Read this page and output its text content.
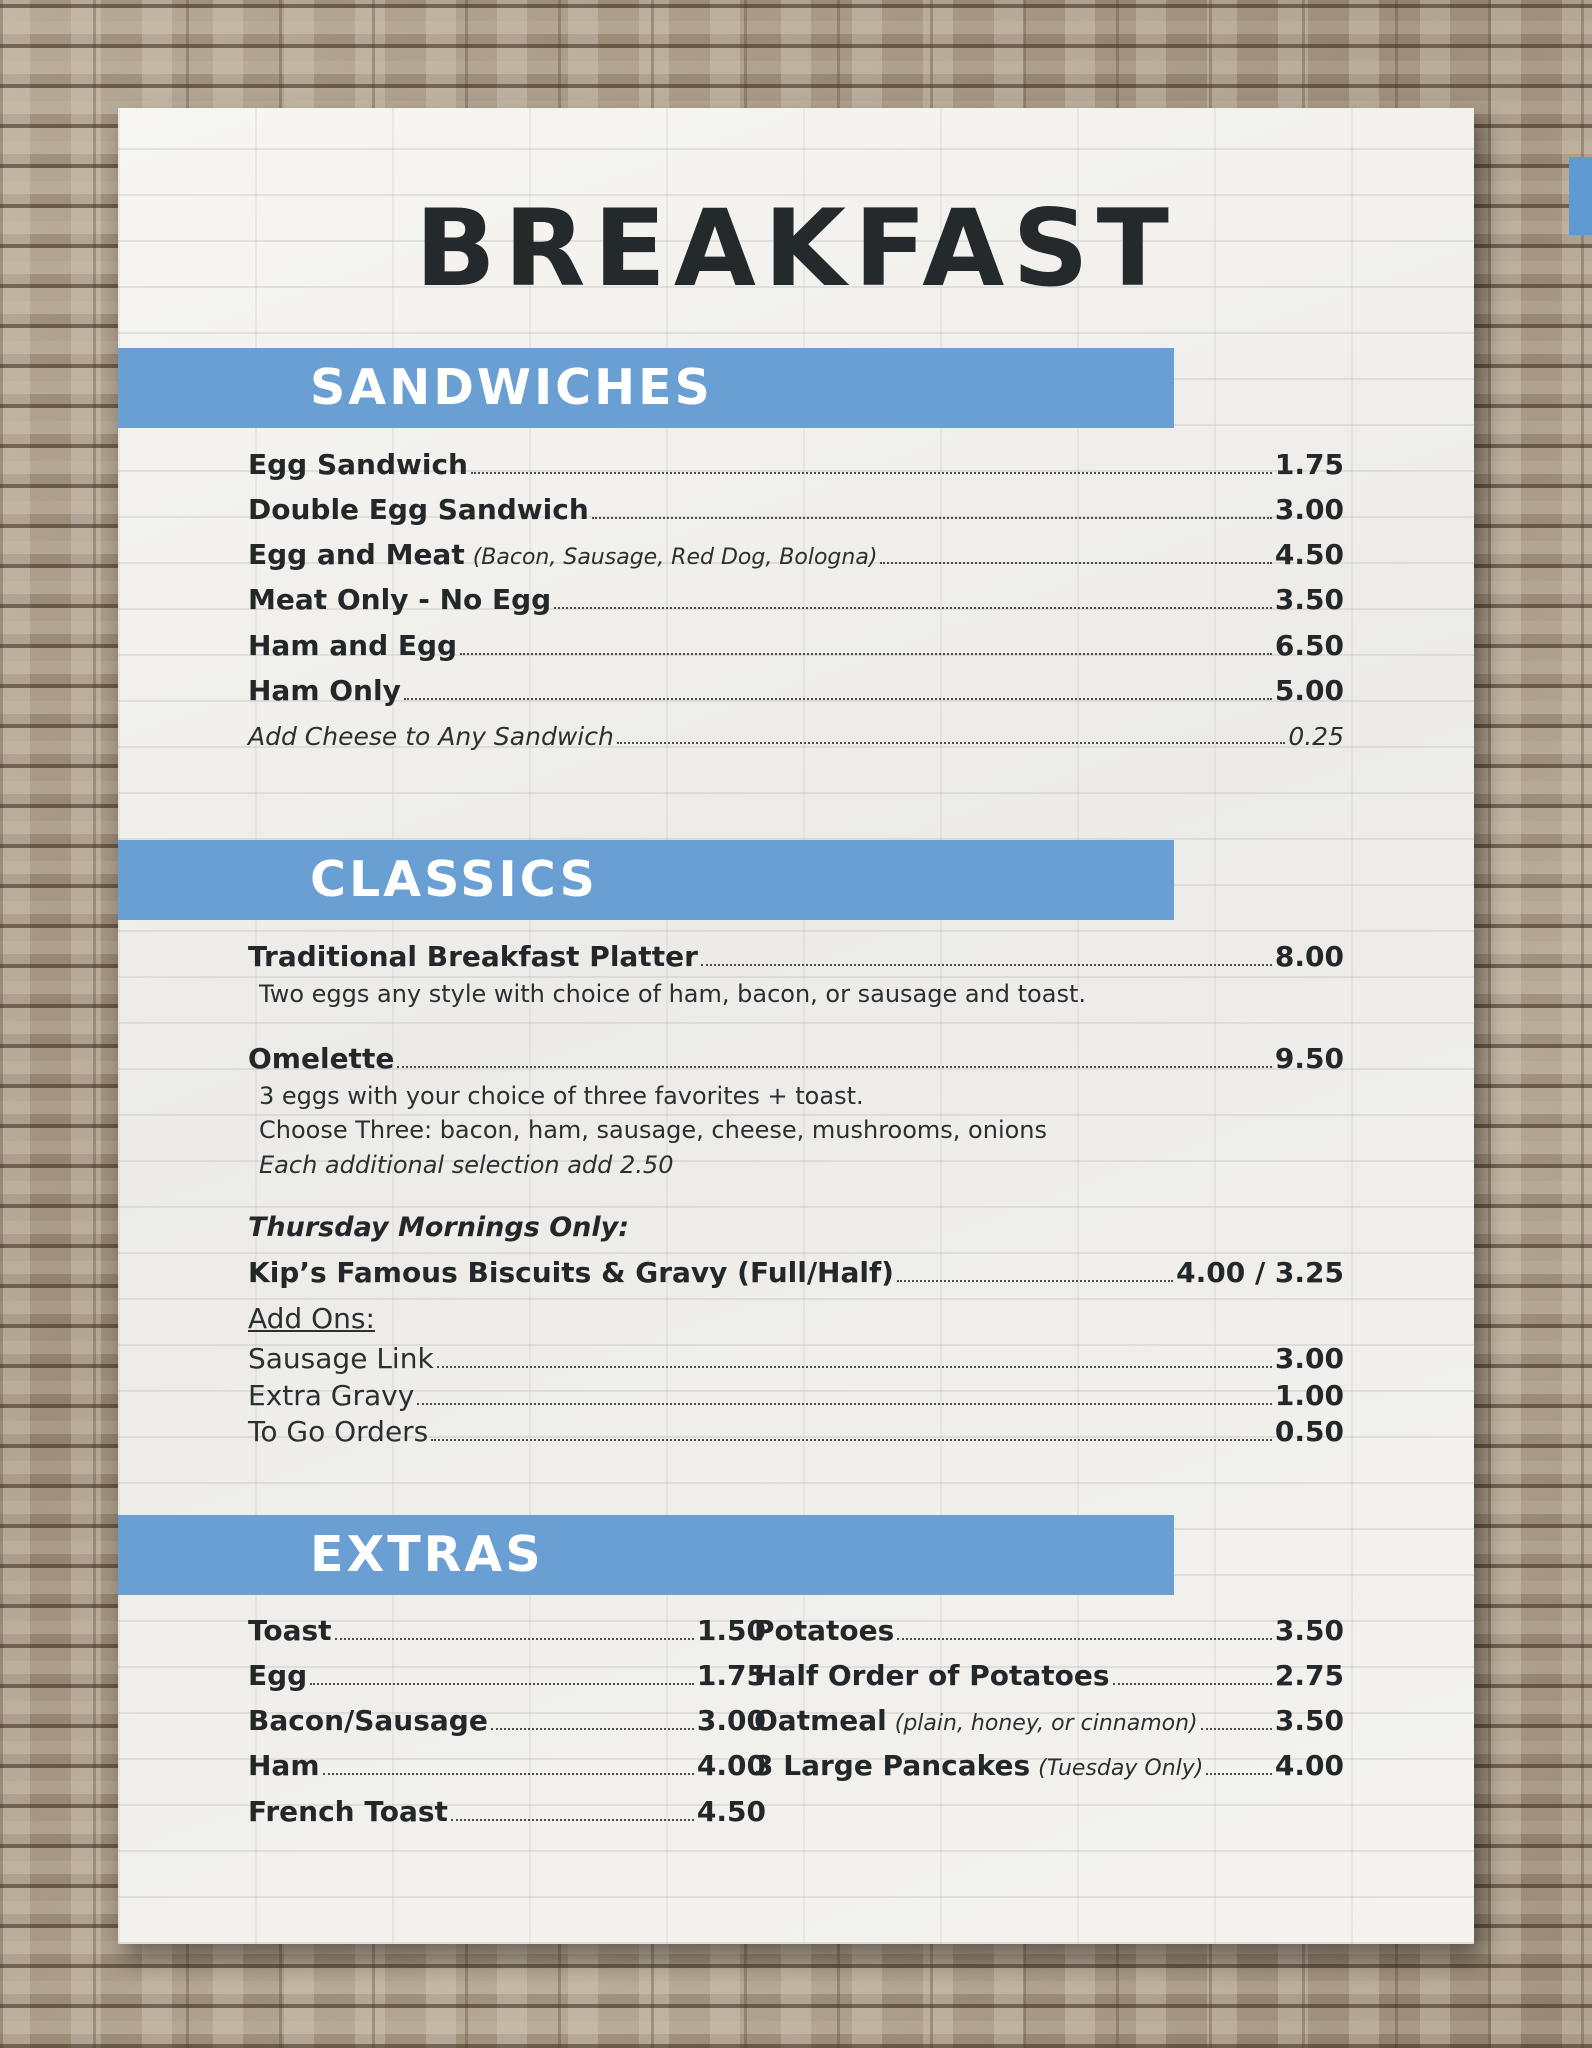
BREAKFAST
SANDWICHES
Egg Sandwich	1.75
Double Egg Sandwich	3.00
Egg and Meat (Bacon, Sausage, Red Dog, Bologna)	4.50
Meat Only - No Egg	3.50
Ham and Egg	6.50
Ham Only	5.00
Add Cheese to Any Sandwich	0.25
CLASSICS
Traditional Breakfast Platter	8.00
Two eggs any style with choice of ham, bacon, or sausage and toast.
Omelette	9.50
3 eggs with your choice of three favorites + toast.
Choose Three: bacon, ham, sausage, cheese, mushrooms, onions
Each additional selection add 2.50
Thursday Mornings Only:
Kip’s Famous Biscuits & Gravy (Full/Half)	4.00 / 3.25
Add Ons:
Sausage Link	3.00
Extra Gravy	1.00
To Go Orders	0.50
EXTRAS
Toast	1.50
Egg	1.75
Bacon/Sausage	3.00
Ham	4.00
French Toast	4.50
Potatoes	3.50
Half Order of Potatoes	2.75
Oatmeal (plain, honey, or cinnamon)	3.50
3 Large Pancakes (Tuesday Only)	4.00
